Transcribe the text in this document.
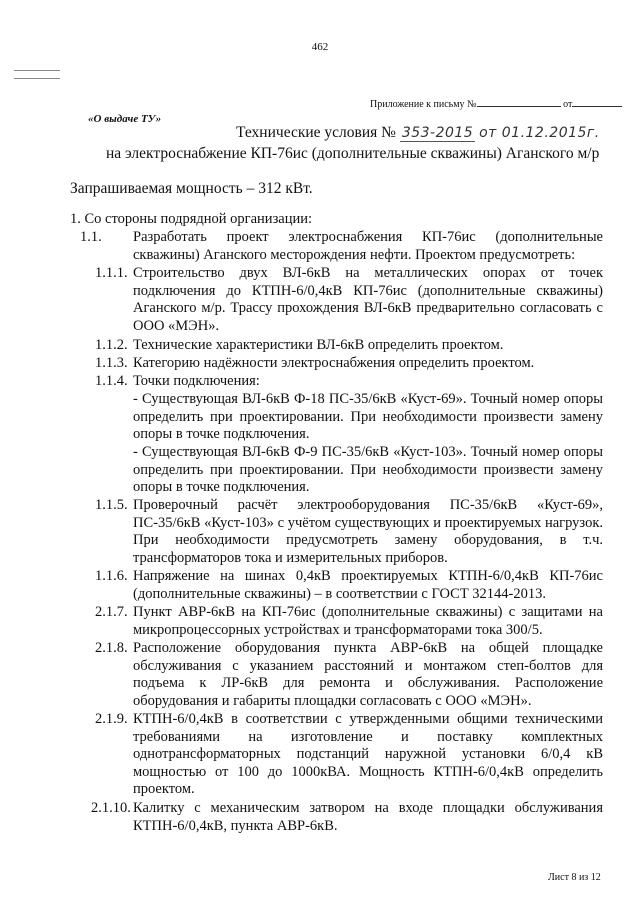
462
Приложение к письму №	от
«О выдаче ТУ»
Технические условия № 353-2015 от 01.12.2015г.
на электроснабжение КП-76ис (дополнительные скважины) Аганского м/р
Запрашиваемая мощность – 312 кВт.
1. Со стороны подрядной организации:
1.1. Разработать проект электроснабжения КП-76ис (дополнительные скважины) Аганского месторождения нефти. Проектом предусмотреть:
1.1.1. Строительство двух ВЛ-6кВ на металлических опорах от точек подключения до КТПН-6/0,4кВ КП-76ис (дополнительные скважины) Аганского м/р. Трассу прохождения ВЛ-6кВ предварительно согласовать с ООО «МЭН».
1.1.2. Технические характеристики ВЛ-6кВ определить проектом.
1.1.3. Категорию надёжности электроснабжения определить проектом.
1.1.4. Точки подключения:
- Существующая ВЛ-6кВ Ф-18 ПС-35/6кВ «Куст-69». Точный номер опоры определить при проектировании. При необходимости произвести замену опоры в точке подключения.
- Существующая ВЛ-6кВ Ф-9 ПС-35/6кВ «Куст-103». Точный номер опоры определить при проектировании. При необходимости произвести замену опоры в точке подключения.
1.1.5. Проверочный расчёт электрооборудования ПС-35/6кВ «Куст-69», ПС-35/6кВ «Куст-103» с учётом существующих и проектируемых нагрузок. При необходимости предусмотреть замену оборудования, в т.ч. трансформаторов тока и измерительных приборов.
1.1.6. Напряжение на шинах 0,4кВ проектируемых КТПН-6/0,4кВ КП-76ис (дополнительные скважины) – в соответствии с ГОСТ 32144-2013.
2.1.7. Пункт АВР-6кВ на КП-76ис (дополнительные скважины) с защитами на микропроцессорных устройствах и трансформаторами тока 300/5.
2.1.8. Расположение оборудования пункта АВР-6кВ на общей площадке обслуживания с указанием расстояний и монтажом степ-болтов для подъема к ЛР-6кВ для ремонта и обслуживания. Расположение оборудования и габариты площадки согласовать с ООО «МЭН».
2.1.9. КТПН-6/0,4кВ в соответствии с утвержденными общими техническими требованиями на изготовление и поставку комплектных однотрансформаторных подстанций наружной установки 6/0,4 кВ мощностью от 100 до 1000кВА. Мощность КТПН-6/0,4кВ определить проектом.
2.1.10. Калитку с механическим затвором на входе площадки обслуживания КТПН-6/0,4кВ, пункта АВР-6кВ.
Лист 8 из 12
